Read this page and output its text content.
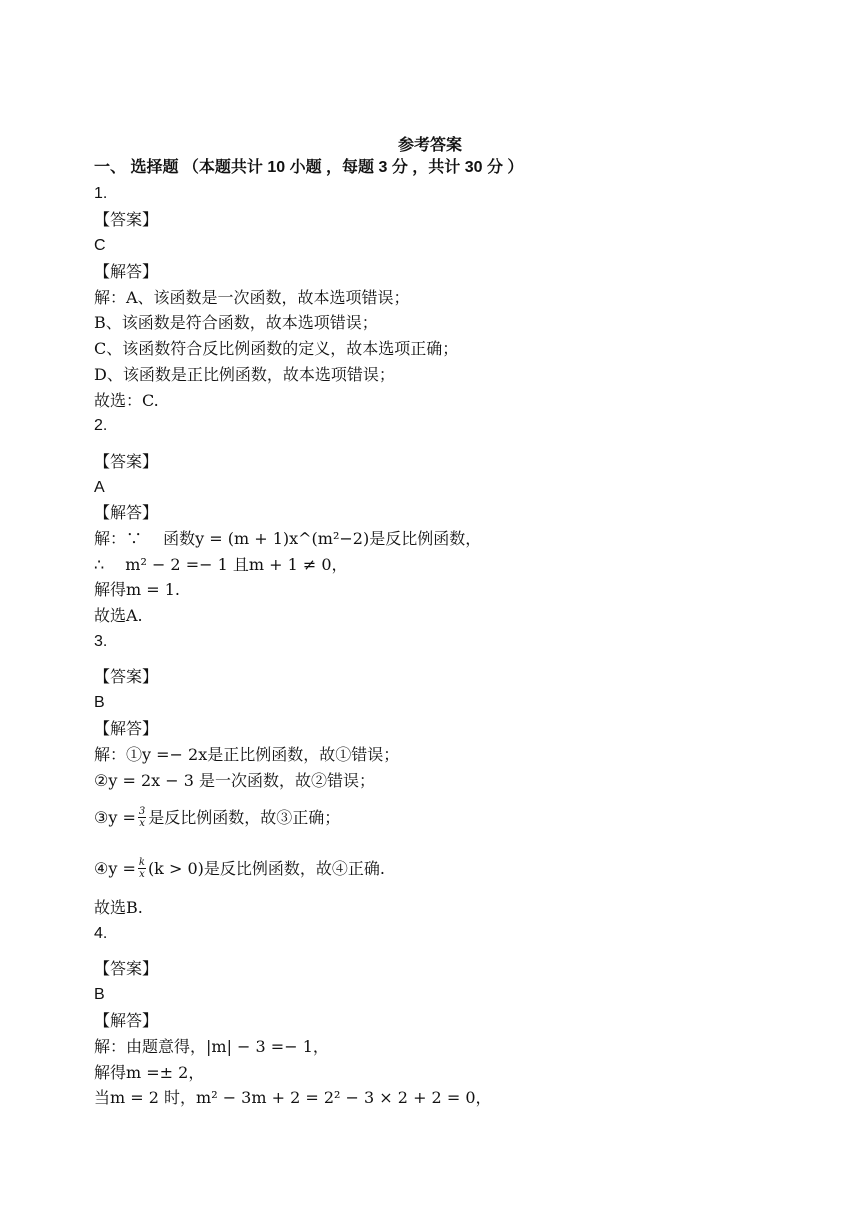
参考答案
一、 选择题 （本题共计 10 小题 ，每题 3 分 ，共计 30 分 ）
1.
【答案】
C
【解答】
解：A、该函数是一次函数，故本选项错误；
B、该函数是符合函数，故本选项错误；
C、该函数符合反比例函数的定义，故本选项正确；
D、该函数是正比例函数，故本选项错误；
故选：C.
2.
【答案】
A
【解答】
解：∵　 函数y = (m + 1)x^(m²−2)是反比例函数，
∴　 m² − 2 =− 1 且m + 1 ≠ 0，
解得m = 1.
故选A.
3.
【答案】
B
【解答】
解：①y =− 2x是正比例函数，故①错误；
②y = 2x − 3 是一次函数，故②错误；
③y = $\frac{3}{x}$ 是反比例函数，故③正确；
④y = $\frac{k}{x} (k > 0)$是反比例函数，故④正确.
故选B.
4.
【答案】
B
【解答】
解：由题意得，|m| − 3 =− 1，
解得m =± 2，
当m = 2 时，m² − 3m + 2 = 2² − 3 × 2 + 2 = 0，
